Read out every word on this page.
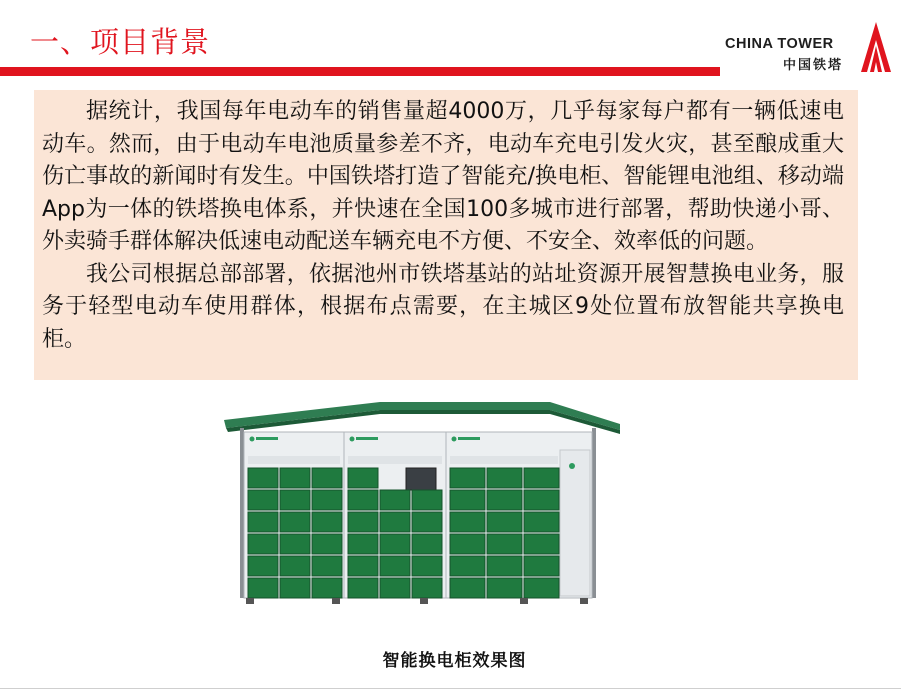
一、项目背景	CHINA TOWER
中国铁塔

据统计，我国每年电动车的销售量超4000万，几乎每家每户都有一辆低速电动车。然而，由于电动车电池质量参差不齐，电动车充电引发火灾，甚至酿成重大伤亡事故的新闻时有发生。中国铁塔打造了智能充/换电柜、智能锂电池组、移动端App为一体的铁塔换电体系，并快速在全国100多城市进行部署，帮助快递小哥、外卖骑手群体解决低速电动配送车辆充电不方便、不安全、效率低的问题。

我公司根据总部部署，依据池州市铁塔基站的站址资源开展智慧换电业务，服务于轻型电动车使用群体，根据布点需要，在主城区9处位置布放智能共享换电柜。

智能换电柜效果图
